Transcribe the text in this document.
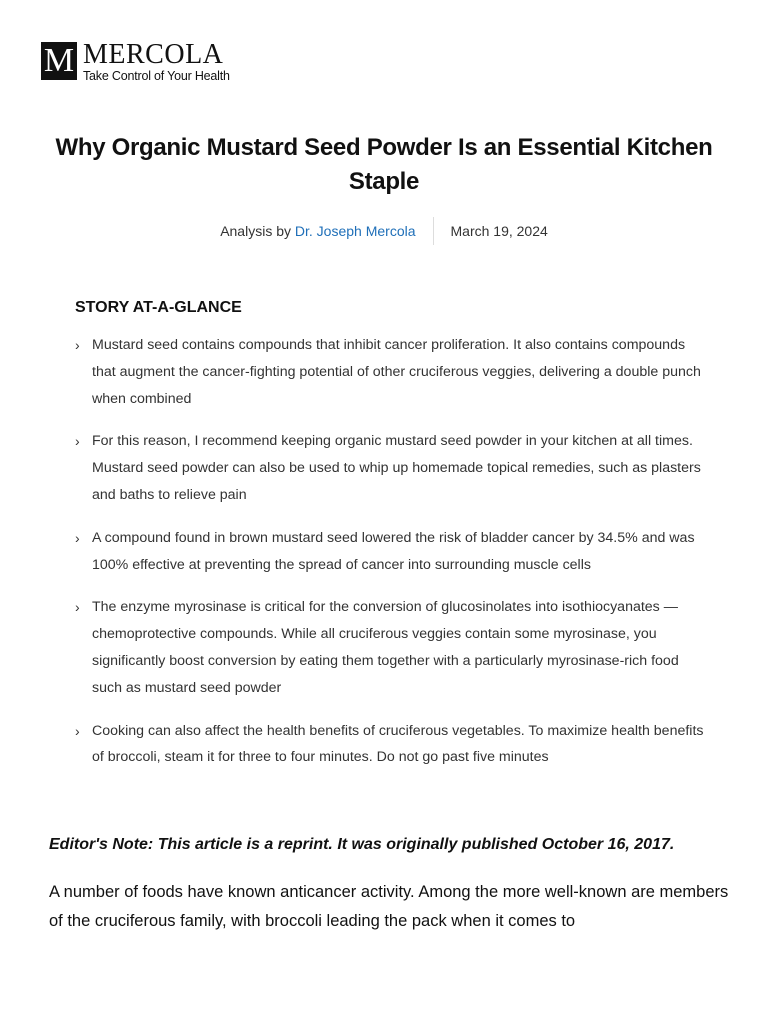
M MERCOLA
Take Control of Your Health
Why Organic Mustard Seed Powder Is an Essential Kitchen Staple
Analysis by
Dr. Joseph Mercola	March 19, 2024
STORY AT-A-GLANCE
› Mustard seed contains compounds that inhibit cancer proliferation. It also contains compounds that augment the cancer-fighting potential of other cruciferous veggies, delivering a double punch when combined
› For this reason, I recommend keeping organic mustard seed powder in your kitchen at all times. Mustard seed powder can also be used to whip up homemade topical remedies, such as plasters and baths to relieve pain
› A compound found in brown mustard seed lowered the risk of bladder cancer by 34.5% and was 100% effective at preventing the spread of cancer into surrounding muscle cells
› The enzyme myrosinase is critical for the conversion of glucosinolates into isothiocyanates — chemoprotective compounds. While all cruciferous veggies contain some myrosinase, you significantly boost conversion by eating them together with a particularly myrosinase-rich food such as mustard seed powder
› Cooking can also affect the health benefits of cruciferous vegetables. To maximize health benefits of broccoli, steam it for three to four minutes. Do not go past five minutes

Editor's Note: This article is a reprint. It was originally published October 16, 2017.

A number of foods have known anticancer activity. Among the more well-known are members of the cruciferous family, with broccoli leading the pack when it comes to
